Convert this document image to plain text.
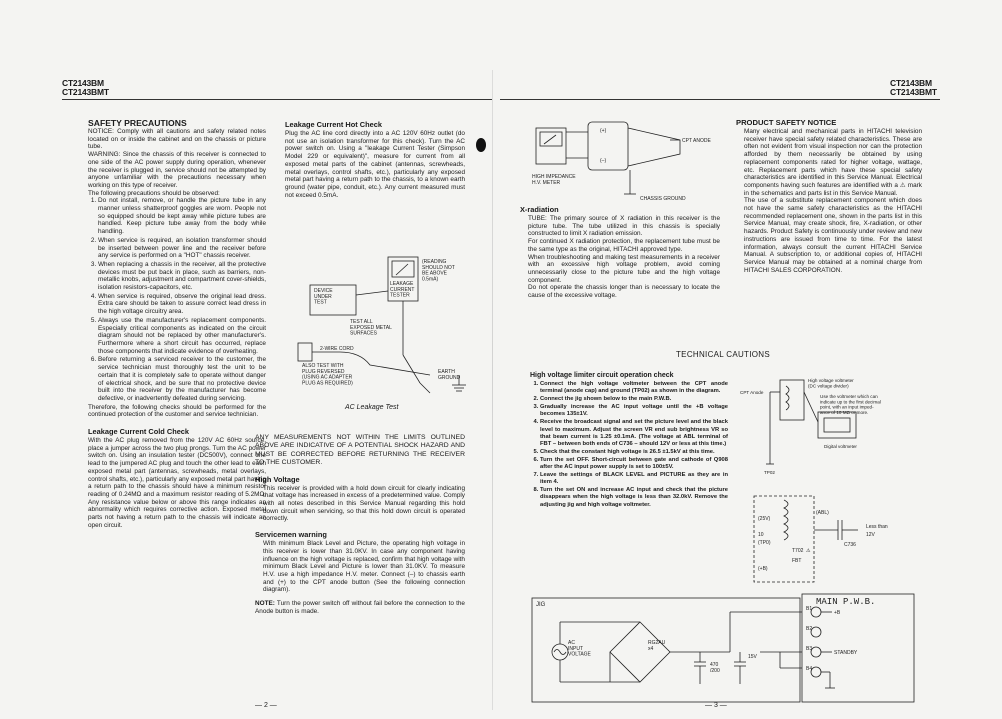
CT2143BM
CT2143BMT
SAFETY PRECAUTIONS
NOTICE: Comply with all cautions and safety related notes located on or inside the cabinet and on the chassis or picture tube.
WARNING: Since the chassis of this receiver is connected to one side of the AC power supply during operation, whenever the receiver is plugged in, service should not be attempted by anyone unfamiliar with the precautions necessary when working on this type of receiver.
The following precautions should be observed:
1. Do not install, remove, or handle the picture tube in any manner unless shatterproof goggles are worn. People not so equipped should be kept away while picture tubes are handled. Keep picture tube away from the body while handling.
2. When service is required, an isolation transformer should be inserted between power line and the receiver before any service is performed on a "HOT" chassis receiver.
3. When replacing a chassis in the receiver, all the protective devices must be put back in place, such as barriers, non-metallic knobs, adjustment and compartment cover-shields, isolation resistors-capacitors, etc.
4. When service is required, observe the original lead dress. Extra care should be taken to assure correct lead dress in the high voltage circuitry area.
5. Always use the manufacturer's replacement components. Especially critical components as indicated on the circuit diagram should not be replaced by other manufacturer's. Furthermore where a short circuit has occurred, replace those components that indicate evidence of overheating.
6. Before returning a serviced receiver to the customer, the service technician must thoroughly test the unit to be certain that it is completely safe to operate without danger of electrical shock, and be sure that no protective device built into the receiver by the manufacturer has become defective, or inadvertently defeated during servicing.
Therefore, the following checks should be performed for the continued protection of the customer and service technician.
Leakage Current Cold Check
With the AC plug removed from the 120V AC 60Hz source, place a jumper across the two plug prongs. Turn the AC power switch on. Using an insulation tester (DC500V), connect one lead to the jumpered AC plug and touch the other lead to each exposed metal part (antennas, screwheads, metal overlays, control shafts, etc.), particularly any exposed metal part having a return path to the chassis should have a minimum resistor reading of 0.24MΩ and a maximum resistor reading of 5.2MΩ. Any resistance value below or above this range indicates an abnormality which requires corrective action. Exposed metal parts not having a return path to the chassis will indicate an open circuit.
Leakage Current Hot Check
Plug the AC line cord directly into a AC 120V 60Hz outlet (do not use an isolation transformer for this check). Turn the AC power switch on. Using a "leakage Current Tester (Simpson Model 229 or equivalent)", measure for current from all exposed metal parts of the cabinet (antennas, screwheads, metal overlays, control shafts, etc.), particularly any exposed metal part having a return path to the chassis, to a known earth ground (water pipe, conduit, etc.). Any current measured must not exceed 0.5mA.
DEVICE UNDER TEST
LEAKAGE CURRENT TESTER
(READING SHOULD NOT BE ABOVE 0.5mA)
TEST ALL EXPOSED METAL SURFACES
2-WIRE CORD
ALSO TEST WITH PLUG REVERSED (USING AC ADAPTER PLUG AS REQUIRED)
EARTH GROUND
AC Leakage Test
ANY MEASUREMENTS NOT WITHIN THE LIMITS OUTLINED ABOVE ARE INDICATIVE OF A POTENTIAL SHOCK HAZARD AND MUST BE CORRECTED BEFORE RETURNING THE RECEIVER TO THE CUSTOMER.
High Voltage
This receiver is provided with a hold down circuit for clearly indicating that voltage has increased in excess of a predetermined value. Comply with all notes described in this Service Manual regarding this hold down circuit when servicing, so that this hold down circuit is operated correctly.
Servicemen warning
With minimum Black Level and Picture, the operating high voltage in this receiver is lower than 31.0KV. In case any component having influence on the high voltage is replaced, confirm that high voltage with minimum Black Level and Picture is lower than 31.0KV. To measure H.V. use a high impedance H.V. meter. Connect (–) to chassis earth and (+) to the CPT anode button (See the following connection diagram).
NOTE: Turn the power switch off without fail before the connection to the Anode button is made.
— 2 —
CT2143BM
CT2143BMT
(+)
(–)
CPT ANODE
HIGH IMPEDANCE H.V. METER
CHASSIS GROUND
X-radiation
TUBE: The primary source of X radiation in this receiver is the picture tube. The tube utilized in this chassis is specially constructed to limit X radiation emission.
For continued X radiation protection, the replacement tube must be the same type as the original, HITACHI approved type.
When troubleshooting and making test measurements in a receiver with an excessive high voltage problem, avoid coming unnecessarily close to the picture tube and the high voltage component.
Do not operate the chassis longer than is necessary to locate the cause of the excessive voltage.
PRODUCT SAFETY NOTICE
Many electrical and mechanical parts in HITACHI television receiver have special safety related characteristics. These are often not evident from visual inspection nor can the protection afforded by them necessarily be obtained by using replacement components rated for higher voltage, wattage, etc. Replacement parts which have these special safety characteristics are identified in this Service Manual. Electrical components having such features are identified with a ⚠ mark in the schematics and parts list in this Service Manual.
The use of a substitute replacement component which does not have the same safety characteristics as the HITACHI recommended replacement one, shown in the parts list in this Service Manual, may create shock, fire, X-radiation, or other hazards. Product Safety is continuously under review and new instructions are issued from time to time. For the latest information, always consult the current HITACHI Service Manual. A subscription to, or additional copies of, HITACHI Service Manual may be obtained at a nominal charge from HITACHI SALES CORPORATION.
TECHNICAL CAUTIONS
High voltage limiter circuit operation check
1. Connect the high voltage voltmeter between the CPT anode terminal (anode cap) and ground (TP02) as shown in the diagram.
2. Connect the jig shown below to the main P.W.B.
3. Gradually increase the AC input voltage until the +B voltage becomes 135±1V.
4. Receive the broadcast signal and set the picture level and the black level to maximum. Adjust the screen VR end sub brightness VR so that beam current is 1.25 ±0.1mA. (The voltage at ABL terminal of FBT – between both ends of C736 – should 12V or less at this time.)
5. Check that the constant high voltage is 26.5 ±1.5kV at this time.
6. Turn the set OFF. Short-circuit between gate and cathode of Q908 after the AC input power supply is set to 100±5V.
7. Leave the settings of BLACK LEVEL and PICTURE as they are in item 4.
8. Turn the set ON and increase AC input and check that the picture disappears when the high voltage is less than 32.0kV. Remove the adjusting jig and high voltage voltmeter.
CPT Anode
High voltage voltmeter (DC voltage divider)
Use the voltmeter which can indicate up to the first decimal point, with an input imped-ance of 10 MΩ or more.
Digital voltmeter
TP02
(ABL)
(25V)
10
(TP0)
T702 ⚠
FBT
(+B)
C736
12V
Less than
JIG	MAIN P.W.B.
AC INPUT VOLTAGE
RG2AU x4
470 /200
15V
B1
+B
B2
B3
STANDBY
B4
— 3 —
